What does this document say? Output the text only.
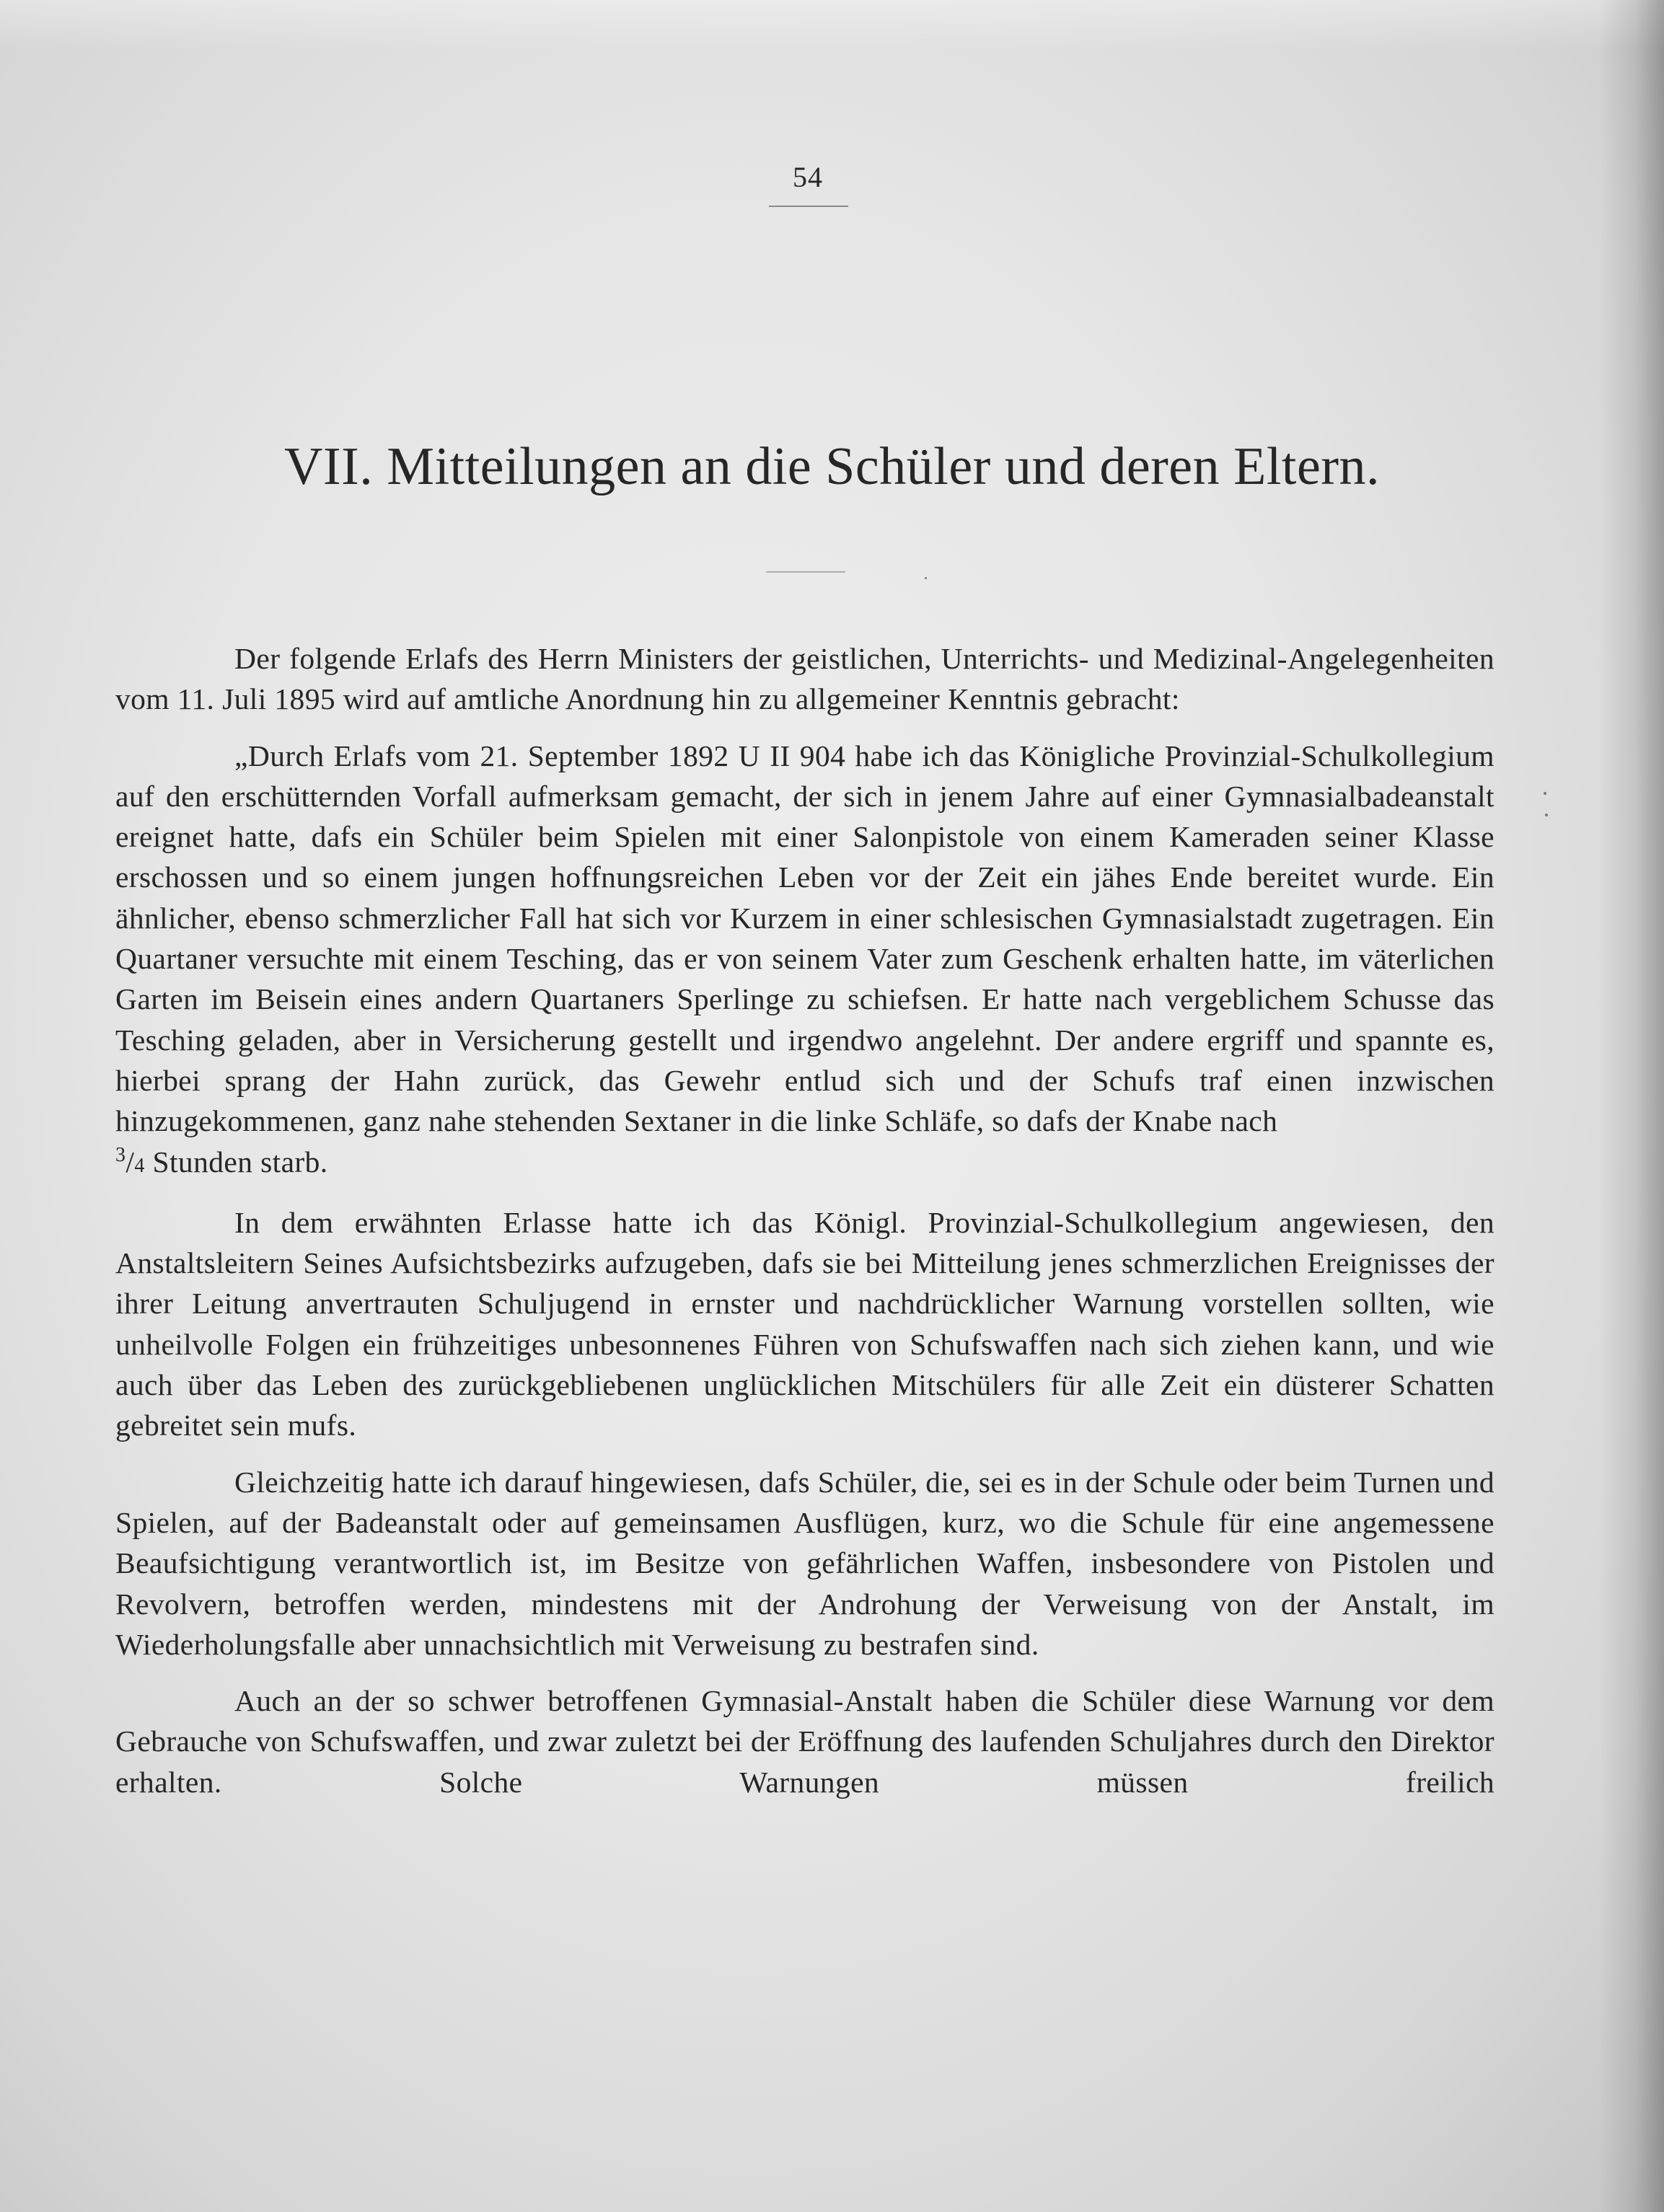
54
VII. Mitteilungen an die Schüler und deren Eltern.

Der folgende Erlafs des Herrn Ministers der geistlichen, Unterrichts- und Medizinal-Angelegenheiten vom 11. Juli 1895 wird auf amtliche Anordnung hin zu allgemeiner Kenntnis gebracht:

„Durch Erlafs vom 21. September 1892 U II 904 habe ich das Königliche Provinzial-Schulkollegium auf den erschütternden Vorfall aufmerksam gemacht, der sich in jenem Jahre auf einer Gymnasialbadeanstalt ereignet hatte, dafs ein Schüler beim Spielen mit einer Salonpistole von einem Kameraden seiner Klasse erschossen und so einem jungen hoffnungsreichen Leben vor der Zeit ein jähes Ende bereitet wurde. Ein ähnlicher, ebenso schmerzlicher Fall hat sich vor Kurzem in einer schlesischen Gymnasialstadt zugetragen. Ein Quartaner versuchte mit einem Tesching, das er von seinem Vater zum Geschenk erhalten hatte, im väterlichen Garten im Beisein eines andern Quartaners Sperlinge zu schiefsen. Er hatte nach vergeblichem Schusse das Tesching geladen, aber in Versicherung gestellt und irgendwo angelehnt. Der andere ergriff und spannte es, hierbei sprang der Hahn zurück, das Gewehr entlud sich und der Schufs traf einen inzwischen hinzugekommenen, ganz nahe stehenden Sextaner in die linke Schläfe, so dafs der Knabe nach
$^3$/4 Stunden starb.

In dem erwähnten Erlasse hatte ich das Königl. Provinzial-Schulkollegium angewiesen, den Anstaltsleitern Seines Aufsichtsbezirks aufzugeben, dafs sie bei Mitteilung jenes schmerzlichen Ereignisses der ihrer Leitung anvertrauten Schuljugend in ernster und nachdrücklicher Warnung vorstellen sollten, wie unheilvolle Folgen ein frühzeitiges unbesonnenes Führen von Schufswaffen nach sich ziehen kann, und wie auch über das Leben des zurückgebliebenen unglücklichen Mitschülers für alle Zeit ein düsterer Schatten gebreitet sein mufs.

Gleichzeitig hatte ich darauf hingewiesen, dafs Schüler, die, sei es in der Schule oder beim Turnen und Spielen, auf der Badeanstalt oder auf gemeinsamen Ausflügen, kurz, wo die Schule für eine angemessene Beaufsichtigung verantwortlich ist, im Besitze von gefährlichen Waffen, insbesondere von Pistolen und Revolvern, betroffen werden, mindestens mit der Androhung der Verweisung von der Anstalt, im Wiederholungsfalle aber unnachsichtlich mit Verweisung zu bestrafen sind.

Auch an der so schwer betroffenen Gymnasial-Anstalt haben die Schüler diese Warnung vor dem Gebrauche von Schufswaffen, und zwar zuletzt bei der Eröffnung des laufenden Schuljahres durch den Direktor erhalten. Solche Warnungen müssen freilich
